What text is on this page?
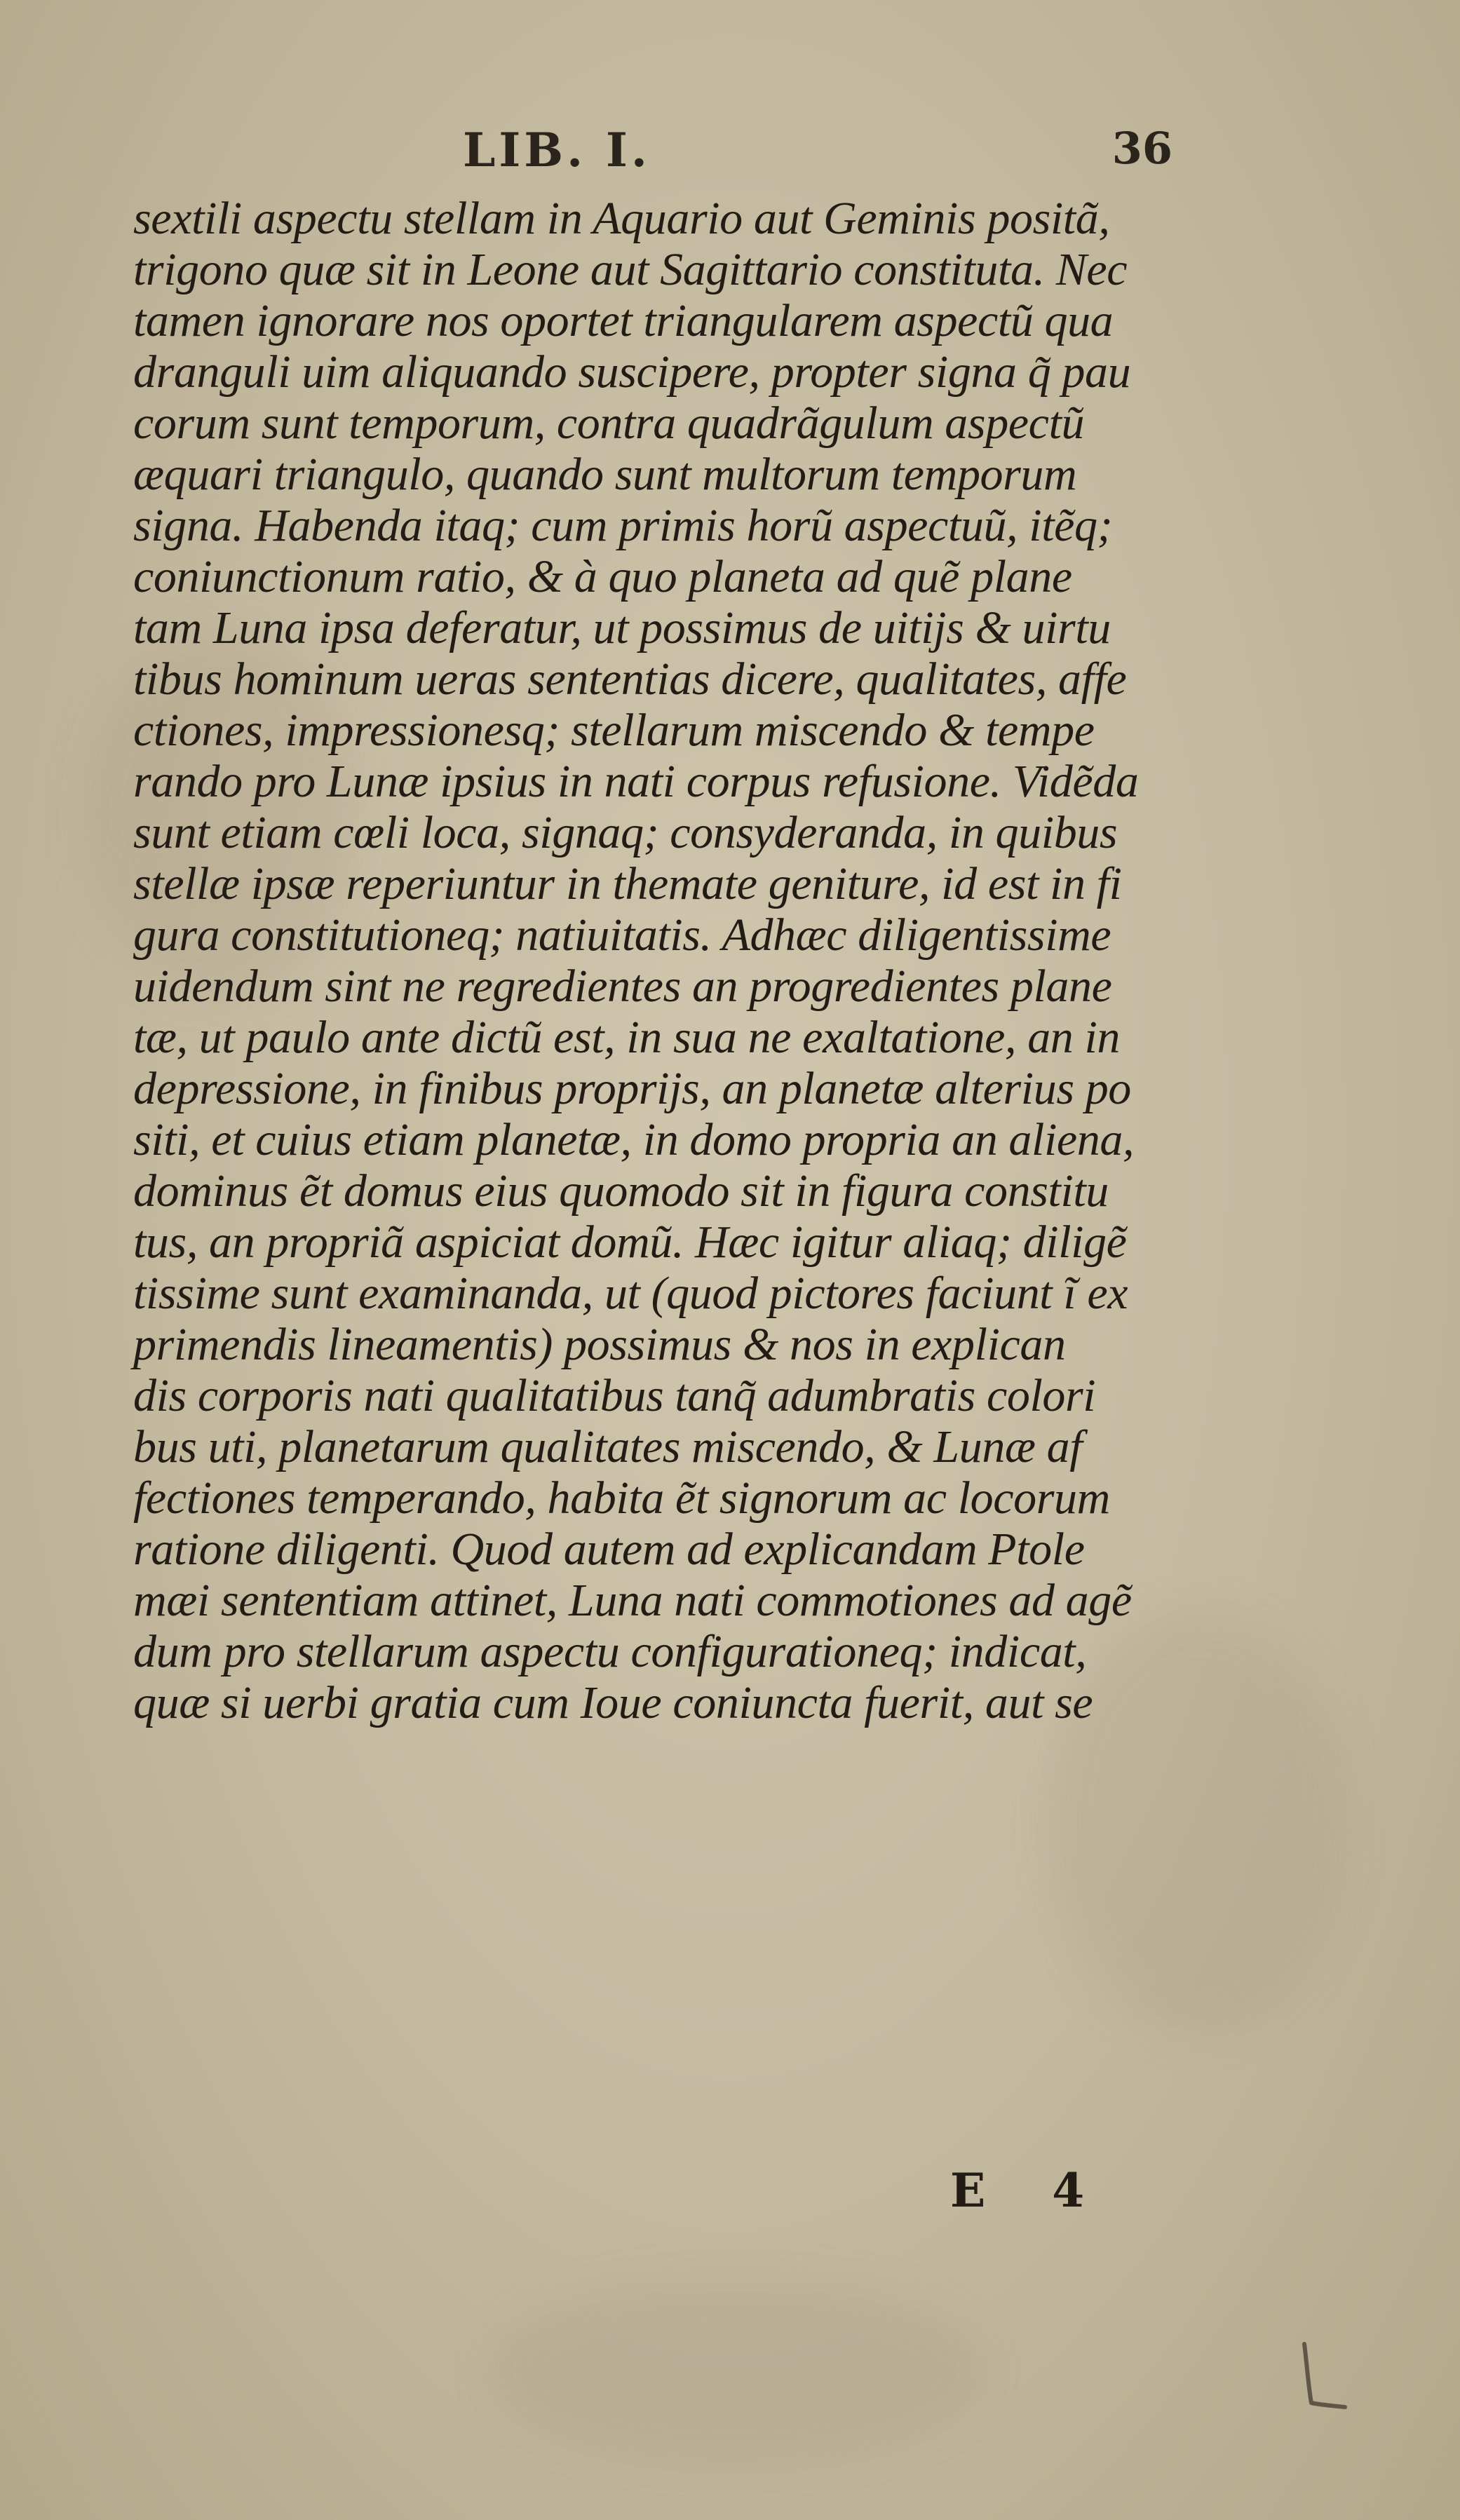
LIB. I.	36
sextili aspectu stellam in Aquario aut Geminis positã,
trigono quæ sit in Leone aut Sagittario constituta. Nec
tamen ignorare nos oportet triangularem aspectũ qua
dranguli uim aliquando suscipere, propter signa q̃ pau
corum sunt temporum, contra quadrãgulum aspectũ
æquari triangulo, quando sunt multorum temporum
signa. Habenda itaq; cum primis horũ aspectuũ, itẽq;
coniunctionum ratio, & à quo planeta ad quẽ plane
tam Luna ipsa deferatur, ut possimus de uitijs & uirtu
tibus hominum ueras sententias dicere, qualitates, affe
ctiones, impressionesq; stellarum miscendo & tempe
rando pro Lunæ ipsius in nati corpus refusione. Vidẽda
sunt etiam cœli loca, signaq; consyderanda, in quibus
stellæ ipsæ reperiuntur in themate geniture, id est in fi
gura constitutioneq; natiuitatis. Adhæc diligentissime
uidendum sint ne regredientes an progredientes plane
tæ, ut paulo ante dictũ est, in sua ne exaltatione, an in
depressione, in finibus proprijs, an planetæ alterius po
siti, et cuius etiam planetæ, in domo propria an aliena,
dominus ẽt domus eius quomodo sit in figura constitu
tus, an propriã aspiciat domũ. Hæc igitur aliaq; diligẽ
tissime sunt examinanda, ut (quod pictores faciunt ĩ ex
primendis lineamentis) possimus & nos in explican
dis corporis nati qualitatibus tanq̃ adumbratis colori
bus uti, planetarum qualitates miscendo, & Lunæ af
fectiones temperando, habita ẽt signorum ac locorum
ratione diligenti. Quod autem ad explicandam Ptole
mæi sententiam attinet, Luna nati commotiones ad agẽ
dum pro stellarum aspectu configurationeq; indicat,
quæ si uerbi gratia cum Ioue coniuncta fuerit, aut se
E 4
